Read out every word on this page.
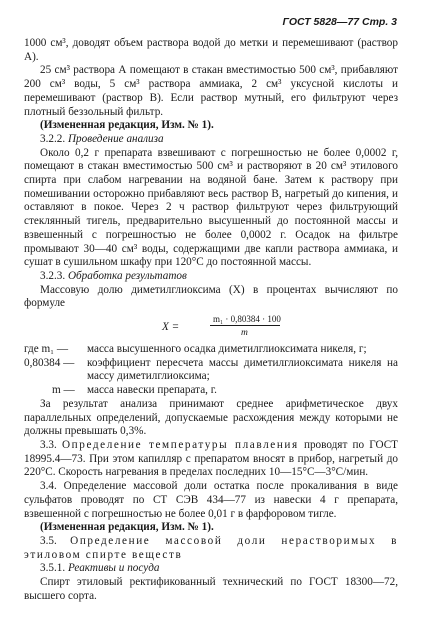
ГОСТ 5828—77 Стр. 3

1000 см³, доводят объем раствора водой до метки и перемешивают (раствор А).

25 см³ раствора А помещают в стакан вместимостью 500 см³, прибавляют 200 см³ воды, 5 см³ раствора аммиака, 2 см³ уксусной кислоты и перемешивают (раствор В). Если раствор мутный, его фильтруют через плотный беззольный фильтр.

(Измененная редакция, Изм. № 1).

3.2.2. Проведение анализа

Около 0,2 г препарата взвешивают с погрешностью не более 0,0002 г, помещают в стакан вместимостью 500 см³ и растворяют в 20 см³ этилового спирта при слабом нагревании на водяной бане. Затем к раствору при помешивании осторожно прибавляют весь раствор В, нагретый до кипения, и оставляют в покое. Через 2 ч раствор фильтруют через фильтрующий стеклянный тигель, предварительно высушенный до постоянной массы и взвешенный с погрешностью не более 0,0002 г. Осадок на фильтре промывают 30—40 см³ воды, содержащими две капли раствора аммиака, и сушат в сушильном шкафу при 120°С до постоянной массы.

3.2.3. Обработка результатов

Массовую долю диметилглиоксима (X) в процентах вычисляют по формуле

X =
m₁ · 0,80384 · 100
m
где m₁ — масса высушенного осадка диметилглиоксимата никеля, г;

0,80384 — коэффициент пересчета массы диметилглиоксимата никеля на массу диметилглиоксима;

m — масса навески препарата, г.

За результат анализа принимают среднее арифметическое двух параллельных определений, допускаемые расхождения между которыми не должны превышать 0,3%.

3.3. Определение температуры плавления проводят по ГОСТ 18995.4—73. При этом капилляр с препаратом вносят в прибор, нагретый до 220°С. Скорость нагревания в пределах последних 10—15°С—3°С/мин.

3.4. Определение массовой доли остатка после прокаливания в виде сульфатов проводят по СТ СЭВ 434—77 из навески 4 г препарата, взвешенной с погрешностью не более 0,01 г в фарфоровом тигле.

(Измененная редакция, Изм. № 1).

3.5. Определение массовой доли нерастворимых в этиловом спирте веществ

3.5.1. Реактивы и посуда

Спирт этиловый ректификованный технический по ГОСТ 18300—72, высшего сорта.
